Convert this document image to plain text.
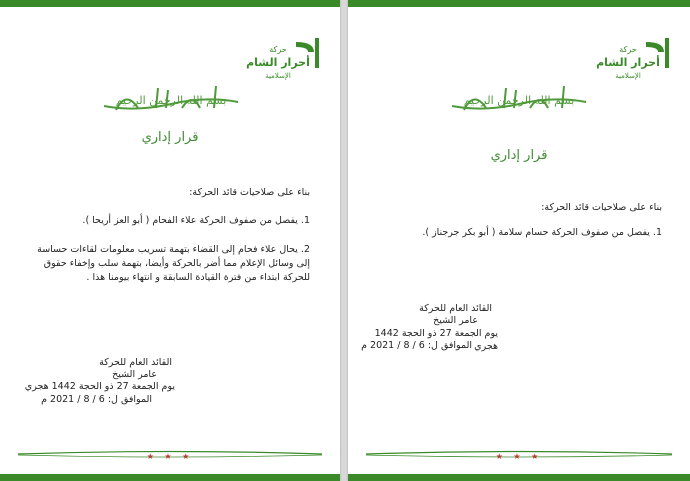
حركة
أحرار الشام
الإسلامية
بسم الله الرحمن الرحيم
قرار إداري
بناء على صلاحيات قائد الحركة:
1. يفصل من صفوف الحركة علاء الفحام ( أبو العز أريحا ).
2. يحال علاء فحام إلى القضاء بتهمة تسريب معلومات لقاءات حساسة
إلى وسائل الإعلام مما أضر بالحركة وأيضا، بتهمة سلب وإخفاء حقوق
للحركة ابتداء من فترة القيادة السابقة و انتهاء بيومنا هذا .
القائد العام للحركة
عامر الشيخ
يوم الجمعة 27 ذو الحجة 1442 هجري
الموافق ل: 6 / 8 / 2021 م
★ ★ ★
حركة
أحرار الشام
الإسلامية
بسم الله الرحمن الرحيم
قرار إداري
بناء على صلاحيات قائد الحركة:
1. يفصل من صفوف الحركة حسام سلامة ( أبو بكر جرجناز ).
القائد العام للحركة
عامر الشيخ
يوم الجمعة 27 ذو الحجة 1442 هجري
الموافق ل: 6 / 8 / 2021 م
★ ★ ★
